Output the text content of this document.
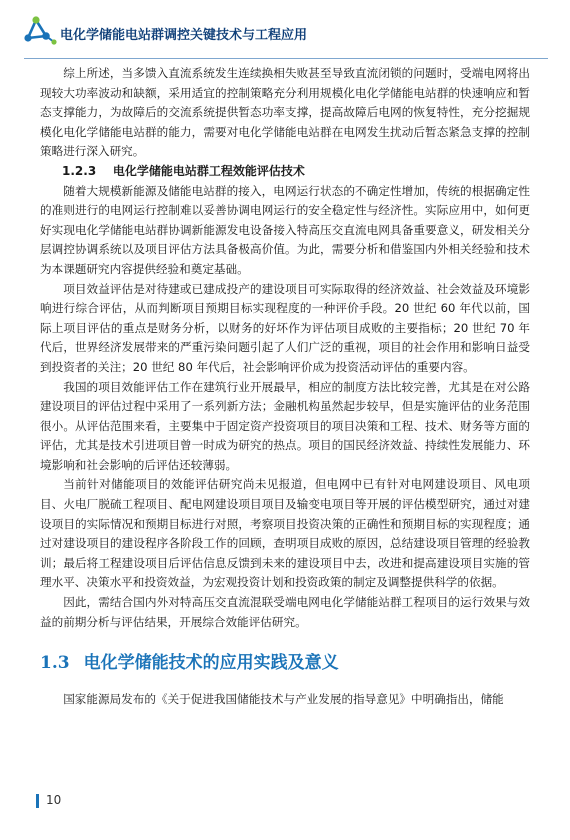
电化学储能电站群调控关键技术与工程应用

综上所述，当多馈入直流系统发生连续换相失败甚至导致直流闭锁的问题时，受端电网将出现较大功率波动和缺额，采用适宜的控制策略充分利用规模化电化学储能电站群的快速响应和暂态支撑能力，为故障后的交流系统提供暂态功率支撑，提高故障后电网的恢复特性，充分挖掘规模化电化学储能电站群的能力，需要对电化学储能电站群在电网发生扰动后暂态紧急支撑的控制策略进行深入研究。

1.2.3 电化学储能电站群工程效能评估技术

随着大规模新能源及储能电站群的接入，电网运行状态的不确定性增加，传统的根据确定性的准则进行的电网运行控制难以妥善协调电网运行的安全稳定性与经济性。实际应用中，如何更好实现电化学储能电站群协调新能源发电设备接入特高压交直流电网具备重要意义，研发相关分层调控协调系统以及项目评估方法具备极高价值。为此，需要分析和借鉴国内外相关经验和技术为本课题研究内容提供经验和奠定基础。

项目效益评估是对待建或已建成投产的建设项目可实际取得的经济效益、社会效益及环境影响进行综合评估，从而判断项目预期目标实现程度的一种评价手段。20 世纪 60 年代以前，国际上项目评估的重点是财务分析，以财务的好坏作为评估项目成败的主要指标；20 世纪 70 年代后，世界经济发展带来的严重污染问题引起了人们广泛的重视，项目的社会作用和影响日益受到投资者的关注；20 世纪 80 年代后，社会影响评价成为投资活动评估的重要内容。

我国的项目效能评估工作在建筑行业开展最早，相应的制度方法比较完善，尤其是在对公路建设项目的评估过程中采用了一系列新方法；金融机构虽然起步较早，但是实施评估的业务范围很小。从评估范围来看，主要集中于固定资产投资项目的项目决策和工程、技术、财务等方面的评估，尤其是技术引进项目曾一时成为研究的热点。项目的国民经济效益、持续性发展能力、环境影响和社会影响的后评估还较薄弱。

当前针对储能项目的效能评估研究尚未见报道，但电网中已有针对电网建设项目、风电项目、火电厂脱硫工程项目、配电网建设项目项目及输变电项目等开展的评估模型研究，通过对建设项目的实际情况和预期目标进行对照，考察项目投资决策的正确性和预期目标的实现程度；通过对建设项目的建设程序各阶段工作的回顾，查明项目成败的原因，总结建设项目管理的经验教训；最后将工程建设项目后评估信息反馈到未来的建设项目中去，改进和提高建设项目实施的管理水平、决策水平和投资效益，为宏观投资计划和投资政策的制定及调整提供科学的依据。

因此，需结合国内外对特高压交直流混联受端电网电化学储能站群工程项目的运行效果与效益的前期分析与评估结果，开展综合效能评估研究。

1.3 电化学储能技术的应用实践及意义

国家能源局发布的《关于促进我国储能技术与产业发展的指导意见》中明确指出，储能

10
